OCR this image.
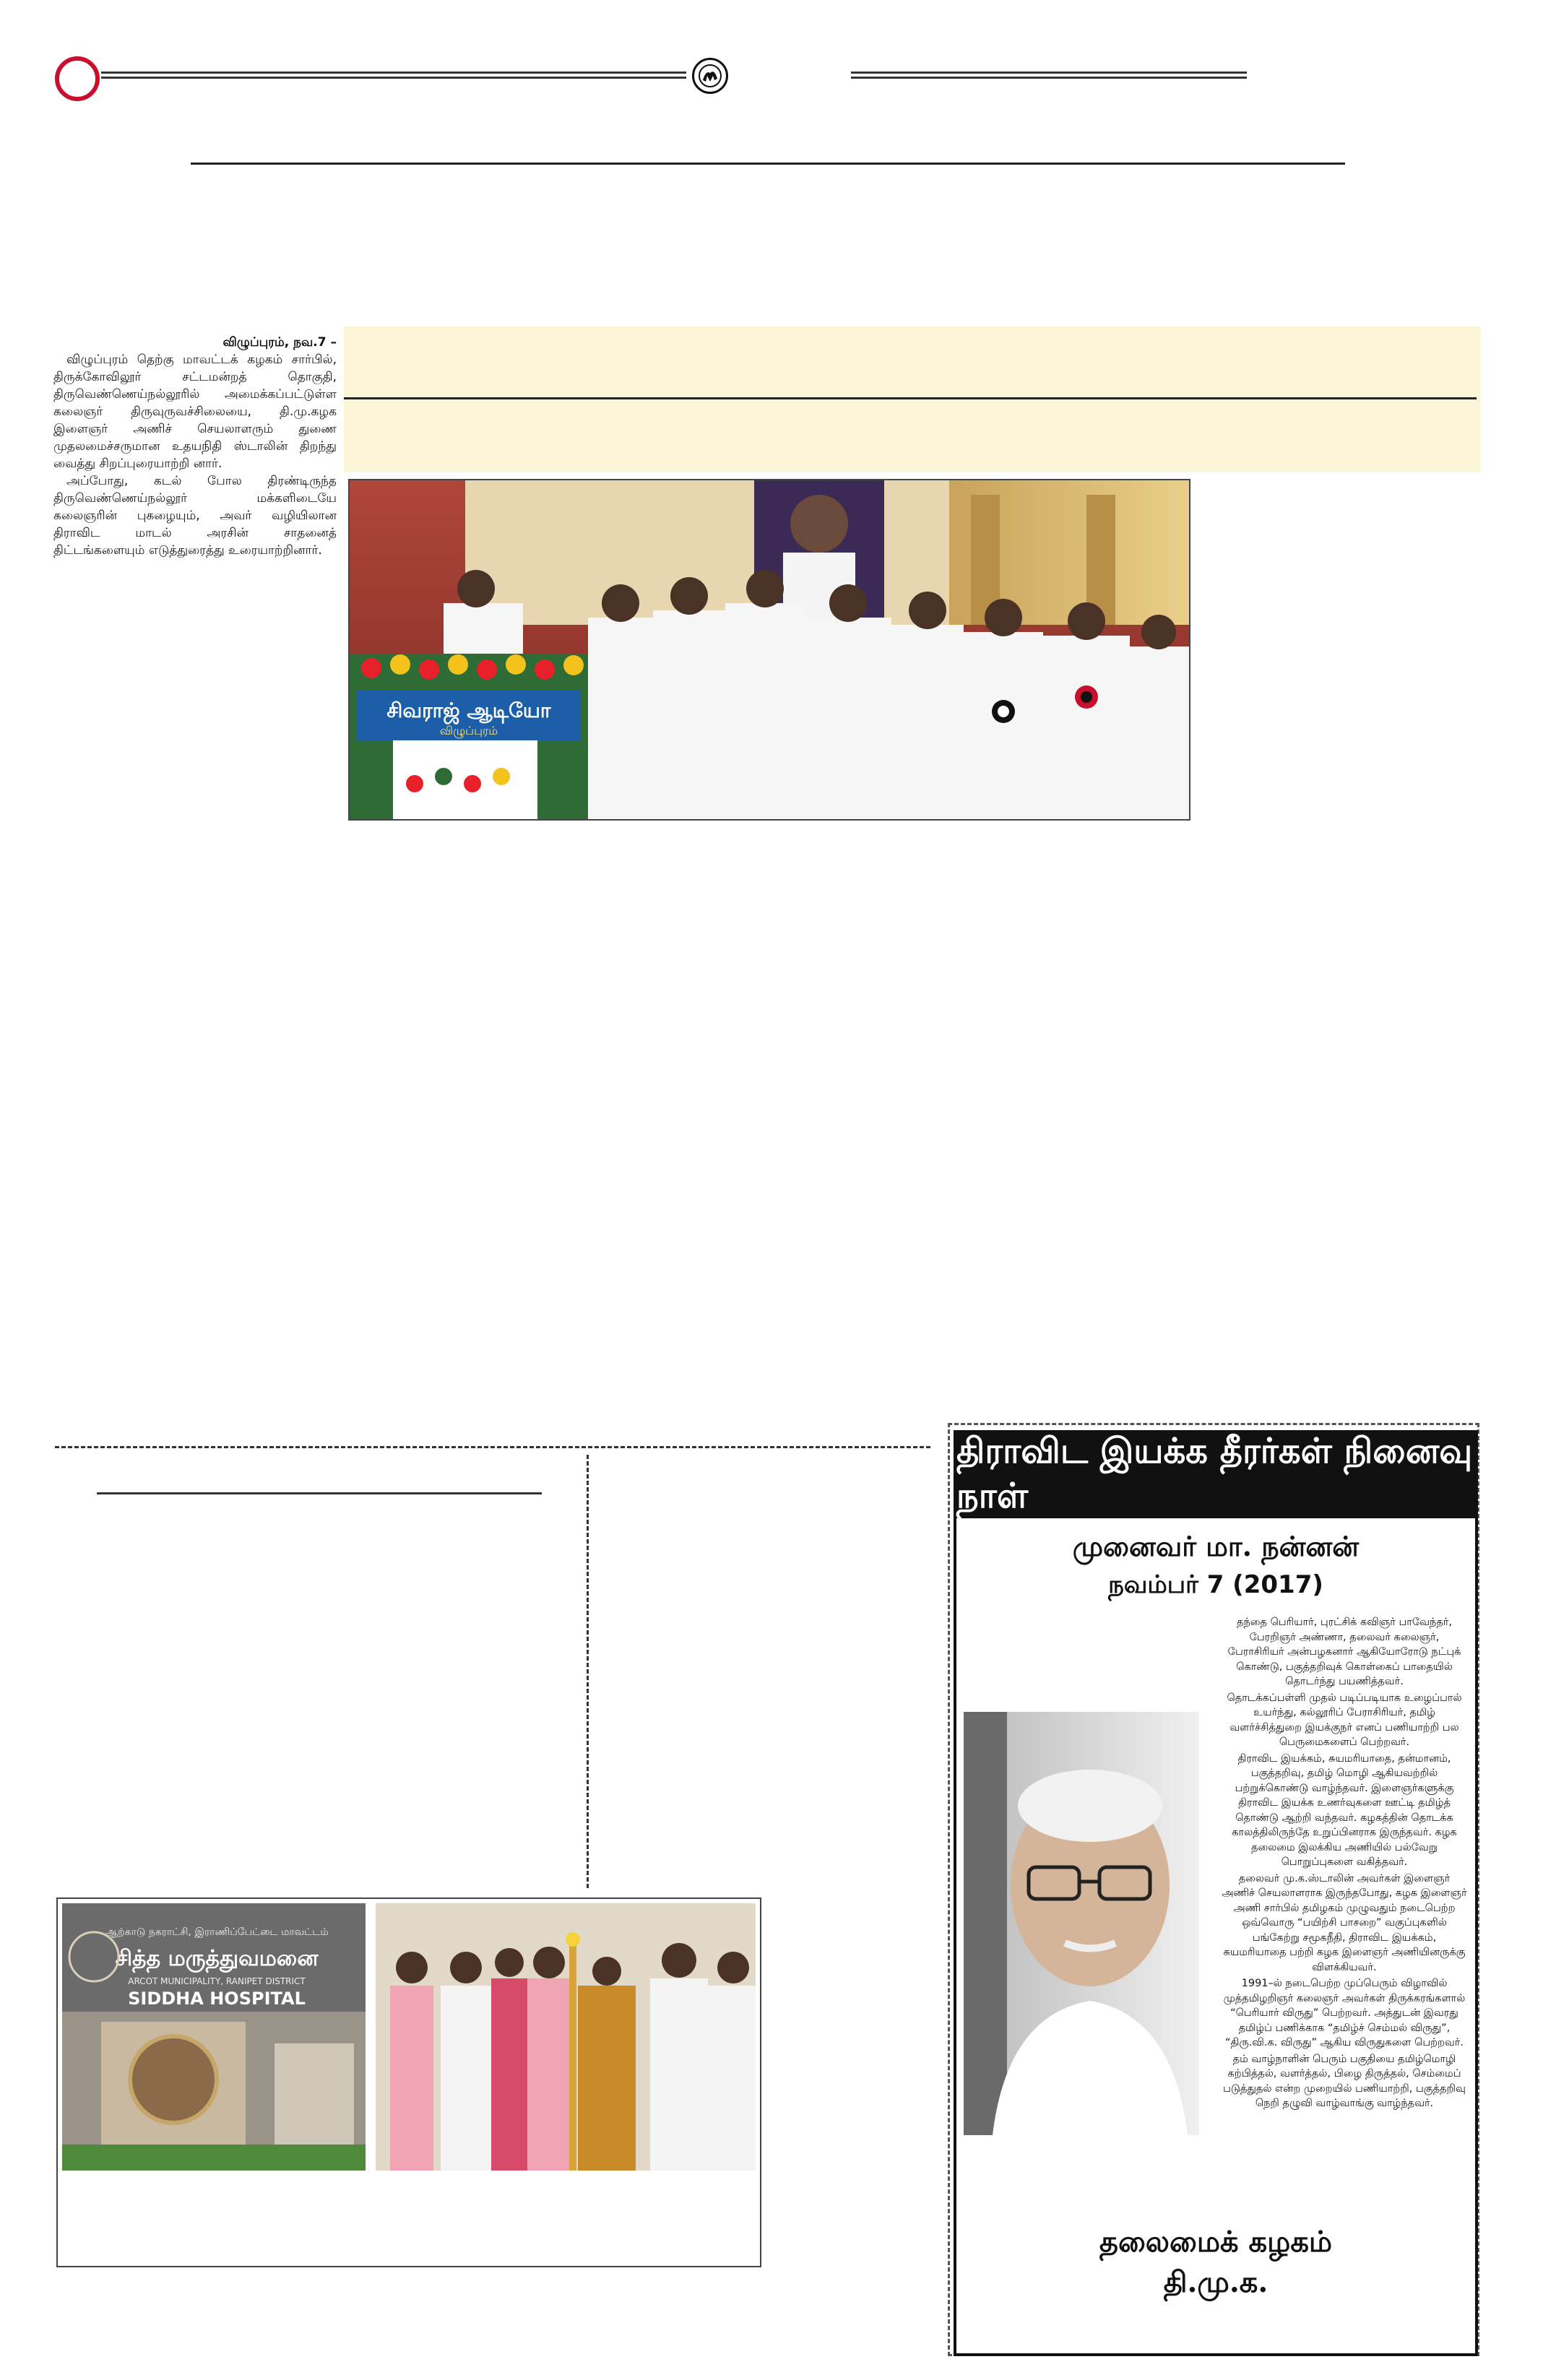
விழுப்புரம், நவ.7 –

விழுப்புரம் தெற்கு மாவட்டக் கழகம் சார்பில், திருக்கோவிலூர் சட்டமன்றத் தொகுதி, திருவெண்ணெய்நல்லூரில் அமைக்கப்பட்டுள்ள கலைஞர் திருவுருவச்சிலையை, தி.மு.கழக இளைஞர் அணிச் செயலாளரும் துணை முதலமைச்சருமான உதயநிதி ஸ்டாலின் திறந்து வைத்து சிறப்புரையாற்றி னார்.

அப்போது, கடல் போல திரண்டிருந்த திருவெண்ணெய்நல்லூர் மக்களிடையே கலைஞரின் புகழையும், அவர் வழியிலான திராவிட மாடல் அரசின் சாதனைத் திட்டங்களையும் எடுத்துரைத்து உரையாற்றினார்.

சிவராஜ் ஆடியோ
விழுப்புரம்
ஆற்காடு நகராட்சி, இராணிப்பேட்டை மாவட்டம்
சித்த மருத்துவமனை
ARCOT MUNICIPALITY, RANIPET DISTRICT
SIDDHA HOSPITAL
திராவிட இயக்க தீரர்கள் நினைவு நாள்
முனைவர் மா. நன்னன்
நவம்பர் 7 (2017)

தந்தை பெரியார், புரட்சிக் கவிஞர் பாவேந்தர், பேரறிஞர் அண்ணா, தலைவர் கலைஞர், பேராசிரியர் அன்பழகனார் ஆகியோரோடு நட்புக் கொண்டு, பகுத்தறிவுக் கொள்கைப் பாதையில் தொடர்ந்து பயணித்தவர்.

தொடக்கப்பள்ளி முதல் படிப்படியாக உழைப்பால் உயர்ந்து, கல்லூரிப் பேராசிரியர், தமிழ் வளர்ச்சித்துறை இயக்குநர் எனப் பணியாற்றி பல பெருமைகளைப் பெற்றவர்.

திராவிட இயக்கம், சுயமரியாதை, தன்மானம், பகுத்தறிவு, தமிழ் மொழி ஆகியவற்றில் பற்றுக்கொண்டு வாழ்ந்தவர். இளைஞர்களுக்கு திராவிட இயக்க உணர்வுகளை ஊட்டி தமிழ்த் தொண்டு ஆற்றி வந்தவர். கழகத்தின் தொடக்க காலத்திலிருந்தே உறுப்பினராக இருந்தவர். கழக தலைமை இலக்கிய அணியில் பல்வேறு பொறுப்புகளை வகித்தவர்.

தலைவர் மு.க.ஸ்டாலின் அவர்கள் இளைஞர் அணிச் செயலாளராக இருந்தபோது, கழக இளைஞர் அணி சார்பில் தமிழகம் முழுவதும் நடைபெற்ற ஒவ்வொரு “பயிற்சி பாசறை” வகுப்புகளில் பங்கேற்று சமூகநீதி, திராவிட இயக்கம், சுயமரியாதை பற்றி கழக இளைஞர் அணியினருக்கு விளக்கியவர்.

1991–ல் நடைபெற்ற முப்பெரும் விழாவில் முத்தமிழறிஞர் கலைஞர் அவர்கள் திருக்கரங்களால் “பெரியார் விருது” பெற்றவர். அத்துடன் இவரது தமிழ்ப் பணிக்காக “தமிழ்ச் செம்மல் விருது”, “திரு.வி.க. விருது” ஆகிய விருதுகளை பெற்றவர்.

தம் வாழ்நாளின் பெரும் பகுதியை தமிழ்மொழி கற்பித்தல், வளர்த்தல், பிழை திருத்தல், செம்மைப் படுத்துதல் என்ற முறையில் பணியாற்றி, பகுத்தறிவு நெறி தழுவி வாழ்வாங்கு வாழ்ந்தவர்.

தலைமைக் கழகம்
தி.மு.க.
